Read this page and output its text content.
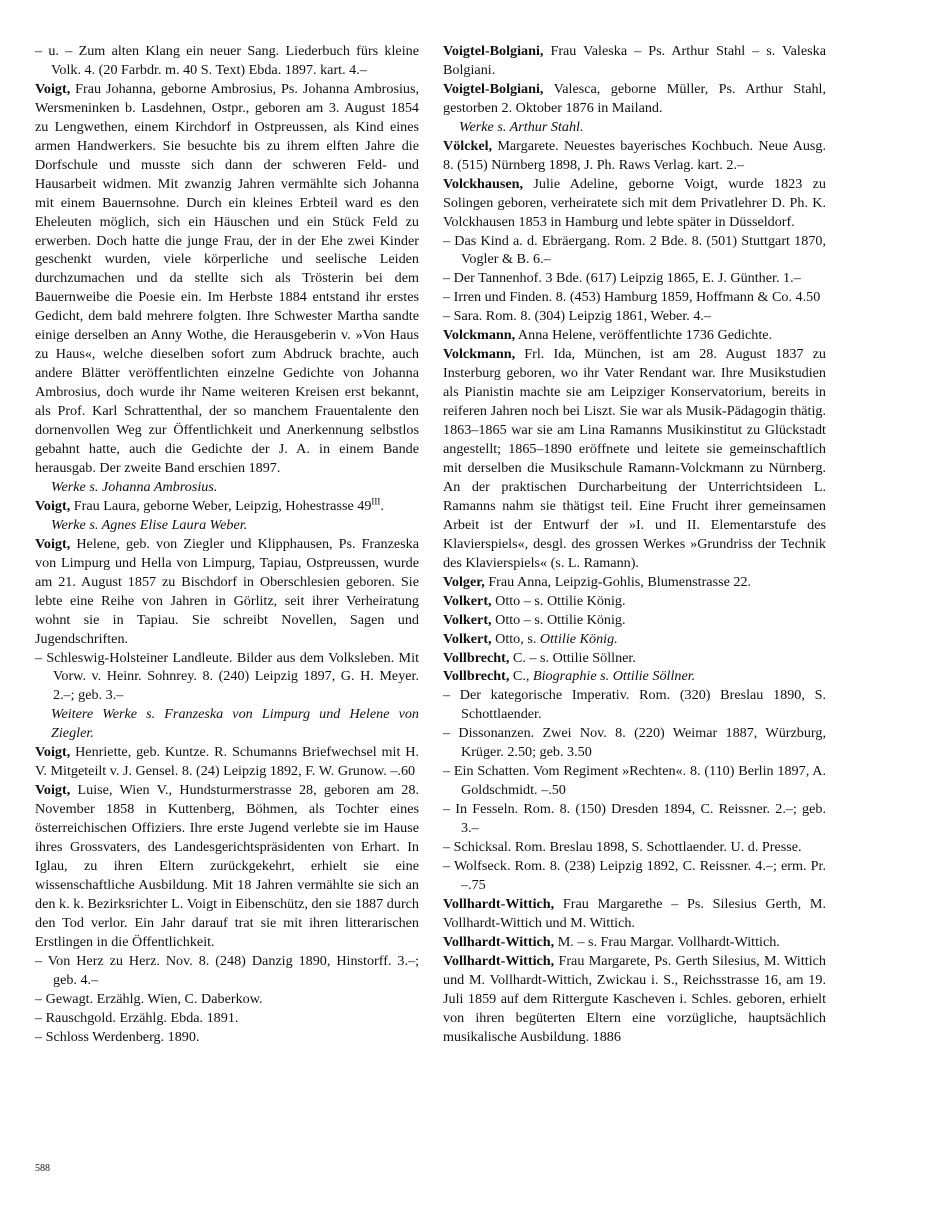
– u. – Zum alten Klang ein neuer Sang. Liederbuch fürs kleine Volk. 4. (20 Farbdr. m. 40 S. Text) Ebda. 1897. kart. 4.–

Voigt, Frau Johanna, geborne Ambrosius, Ps. Johanna Ambrosius, Wersmeninken b. Lasdehnen, Ostpr., geboren am 3. August 1854 zu Lengwethen, einem Kirchdorf in Ostpreussen, als Kind eines armen Handwerkers. Sie besuchte bis zu ihrem elften Jahre die Dorfschule und musste sich dann der schweren Feld- und Hausarbeit widmen. Mit zwanzig Jahren vermählte sich Johanna mit einem Bauernsohne. Durch ein kleines Erbteil ward es den Eheleuten möglich, sich ein Häuschen und ein Stück Feld zu erwerben. Doch hatte die junge Frau, der in der Ehe zwei Kinder geschenkt wurden, viele körperliche und seelische Leiden durchzumachen und da stellte sich als Trösterin bei dem Bauernweibe die Poesie ein. Im Herbste 1884 entstand ihr erstes Gedicht, dem bald mehrere folgten. Ihre Schwester Martha sandte einige derselben an Anny Wothe, die Herausgeberin v. »Von Haus zu Haus«, welche dieselben sofort zum Abdruck brachte, auch andere Blätter veröffentlichten einzelne Gedichte von Johanna Ambrosius, doch wurde ihr Name weiteren Kreisen erst bekannt, als Prof. Karl Schrattenthal, der so manchem Frauentalente den dornenvollen Weg zur Öffentlichkeit und Anerkennung selbstlos gebahnt hatte, auch die Gedichte der J. A. in einem Bande herausgab. Der zweite Band erschien 1897.

Werke s. Johanna Ambrosius.

Voigt, Frau Laura, geborne Weber, Leipzig, Hohestrasse $49^{III}$.

Werke s. Agnes Elise Laura Weber.

Voigt, Helene, geb. von Ziegler und Klipphausen, Ps. Franzeska von Limpurg und Hella von Limpurg, Tapiau, Ostpreussen, wurde am 21. August 1857 zu Bischdorf in Oberschlesien geboren. Sie lebte eine Reihe von Jahren in Görlitz, seit ihrer Verheiratung wohnt sie in Tapiau. Sie schreibt Novellen, Sagen und Jugendschriften.

– Schleswig-Holsteiner Landleute. Bilder aus dem Volksleben. Mit Vorw. v. Heinr. Sohnrey. 8. (240) Leipzig 1897, G. H. Meyer. 2.–; geb. 3.–

Weitere Werke s. Franzeska von Limpurg und Helene von Ziegler.

Voigt, Henriette, geb. Kuntze. R. Schumanns Briefwechsel mit H. V. Mitgeteilt v. J. Gensel. 8. (24) Leipzig 1892, F. W. Grunow. –.60

Voigt, Luise, Wien V., Hundsturmerstrasse 28, geboren am 28. November 1858 in Kuttenberg, Böhmen, als Tochter eines österreichischen Offiziers. Ihre erste Jugend verlebte sie im Hause ihres Grossvaters, des Landesgerichtspräsidenten von Erhart. In Iglau, zu ihren Eltern zurückgekehrt, erhielt sie eine wissenschaftliche Ausbildung. Mit 18 Jahren vermählte sie sich an den k. k. Bezirksrichter L. Voigt in Eibenschütz, den sie 1887 durch den Tod verlor. Ein Jahr darauf trat sie mit ihren litterarischen Erstlingen in die Öffentlichkeit.

– Von Herz zu Herz. Nov. 8. (248) Danzig 1890, Hinstorff. 3.–; geb. 4.–

– Gewagt. Erzählg. Wien, C. Daberkow.

– Rauschgold. Erzählg. Ebda. 1891.

– Schloss Werdenberg. 1890.

Voigtel-Bolgiani, Frau Valeska – Ps. Arthur Stahl – s. Valeska Bolgiani.

Voigtel-Bolgiani, Valesca, geborne Müller, Ps. Arthur Stahl, gestorben 2. Oktober 1876 in Mailand.

Werke s. Arthur Stahl.

Völckel, Margarete. Neuestes bayerisches Kochbuch. Neue Ausg. 8. (515) Nürnberg 1898, J. Ph. Raws Verlag. kart. 2.–

Volckhausen, Julie Adeline, geborne Voigt, wurde 1823 zu Solingen geboren, verheiratete sich mit dem Privatlehrer D. Ph. K. Volckhausen 1853 in Hamburg und lebte später in Düsseldorf.

– Das Kind a. d. Ebräergang. Rom. 2 Bde. 8. (501) Stuttgart 1870, Vogler & B. 6.–

– Der Tannenhof. 3 Bde. (617) Leipzig 1865, E. J. Günther. 1.–

– Irren und Finden. 8. (453) Hamburg 1859, Hoffmann & Co. 4.50

– Sara. Rom. 8. (304) Leipzig 1861, Weber. 4.–

Volckmann, Anna Helene, veröffentlichte 1736 Gedichte.

Volckmann, Frl. Ida, München, ist am 28. August 1837 zu Insterburg geboren, wo ihr Vater Rendant war. Ihre Musikstudien als Pianistin machte sie am Leipziger Konservatorium, bereits in reiferen Jahren noch bei Liszt. Sie war als Musik-Pädagogin thätig. 1863–1865 war sie am Lina Ramanns Musikinstitut zu Glückstadt angestellt; 1865–1890 eröffnete und leitete sie gemeinschaftlich mit derselben die Musikschule Ramann-Volckmann zu Nürnberg. An der praktischen Durcharbeitung der Unterrichtsideen L. Ramanns nahm sie thätigst teil. Eine Frucht ihrer gemeinsamen Arbeit ist der Entwurf der »I. und II. Elementarstufe des Klavierspiels«, desgl. des grossen Werkes »Grundriss der Technik des Klavierspiels« (s. L. Ramann).

Volger, Frau Anna, Leipzig-Gohlis, Blumenstrasse 22.

Volkert, Otto – s. Ottilie König.

Volkert, Otto – s. Ottilie König.

Volkert, Otto, s. Ottilie König.

Vollbrecht, C. – s. Ottilie Söllner.

Vollbrecht, C., Biographie s. Ottilie Söllner.

– Der kategorische Imperativ. Rom. (320) Breslau 1890, S. Schottlaender.

– Dissonanzen. Zwei Nov. 8. (220) Weimar 1887, Würzburg, Krüger. 2.50; geb. 3.50

– Ein Schatten. Vom Regiment »Rechten«. 8. (110) Berlin 1897, A. Goldschmidt. –.50

– In Fesseln. Rom. 8. (150) Dresden 1894, C. Reissner. 2.–; geb. 3.–

– Schicksal. Rom. Breslau 1898, S. Schottlaender. U. d. Presse.

– Wolfseck. Rom. 8. (238) Leipzig 1892, C. Reissner. 4.–; erm. Pr. –.75

Vollhardt-Wittich, Frau Margarethe – Ps. Silesius Gerth, M. Vollhardt-Wittich und M. Wittich.

Vollhardt-Wittich, M. – s. Frau Margar. Vollhardt-Wittich.

Vollhardt-Wittich, Frau Margarete, Ps. Gerth Silesius, M. Wittich und M. Vollhardt-Wittich, Zwickau i. S., Reichsstrasse 16, am 19. Juli 1859 auf dem Rittergute Kascheven i. Schles. geboren, erhielt von ihren begüterten Eltern eine vorzügliche, hauptsächlich musikalische Ausbildung. 1886

588
